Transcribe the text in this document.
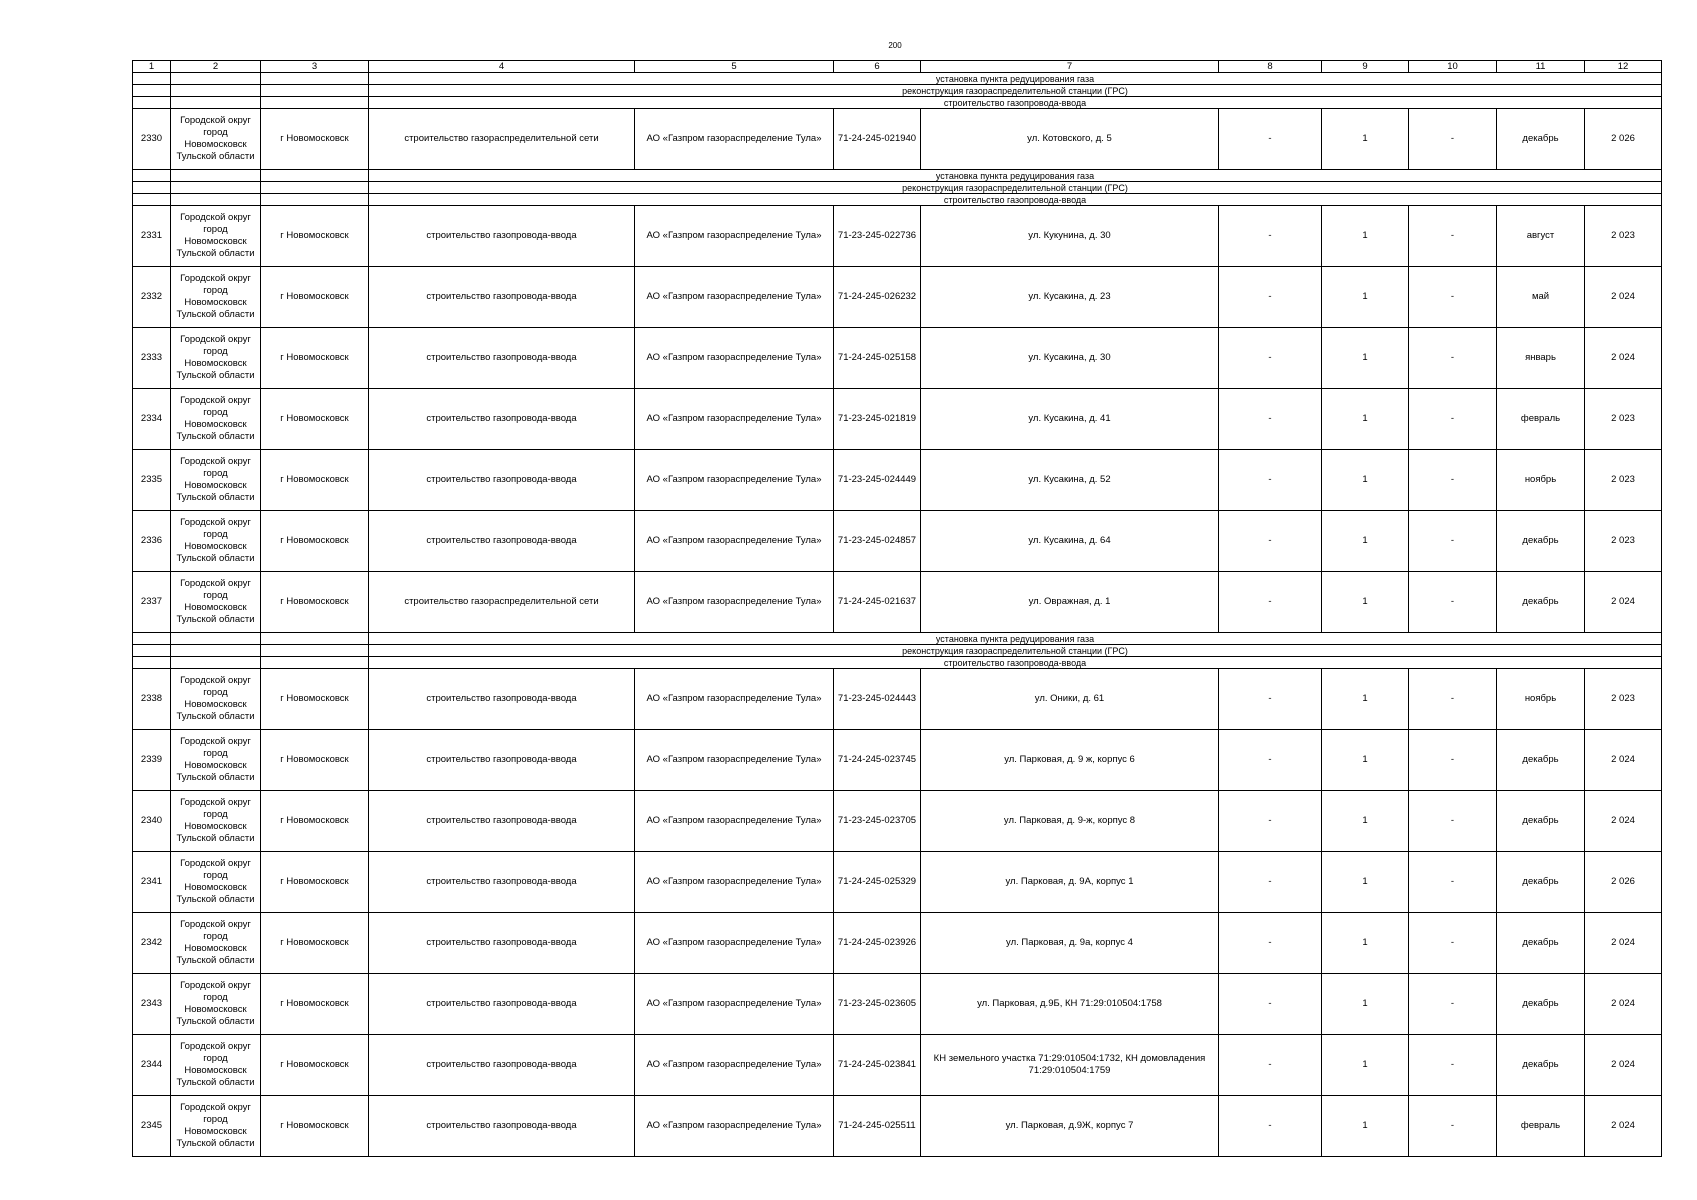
200
1	2	3	4	5	6	7	8	9	10	11	12
			установка пункта редуцирования газа								
			реконструкция газораспределительной станции (ГРС)								
			строительство газопровода-ввода								
2330	Городской округ город Новомосковск Тульской области	г Новомосковск	строительство газораспределительной сети	АО «Газпром газораспределение Тула»	71-24-245-021940	ул. Котовского, д. 5	-	1	-	декабрь	2 026
			установка пункта редуцирования газа								
			реконструкция газораспределительной станции (ГРС)								
			строительство газопровода-ввода								
2331	Городской округ город Новомосковск Тульской области	г Новомосковск	строительство газопровода-ввода	АО «Газпром газораспределение Тула»	71-23-245-022736	ул. Кукунина, д. 30	-	1	-	август	2 023
2332	Городской округ город Новомосковск Тульской области	г Новомосковск	строительство газопровода-ввода	АО «Газпром газораспределение Тула»	71-24-245-026232	ул. Кусакина, д. 23	-	1	-	май	2 024
2333	Городской округ город Новомосковск Тульской области	г Новомосковск	строительство газопровода-ввода	АО «Газпром газораспределение Тула»	71-24-245-025158	ул. Кусакина, д. 30	-	1	-	январь	2 024
2334	Городской округ город Новомосковск Тульской области	г Новомосковск	строительство газопровода-ввода	АО «Газпром газораспределение Тула»	71-23-245-021819	ул. Кусакина, д. 41	-	1	-	февраль	2 023
2335	Городской округ город Новомосковск Тульской области	г Новомосковск	строительство газопровода-ввода	АО «Газпром газораспределение Тула»	71-23-245-024449	ул. Кусакина, д. 52	-	1	-	ноябрь	2 023
2336	Городской округ город Новомосковск Тульской области	г Новомосковск	строительство газопровода-ввода	АО «Газпром газораспределение Тула»	71-23-245-024857	ул. Кусакина, д. 64	-	1	-	декабрь	2 023
2337	Городской округ город Новомосковск Тульской области	г Новомосковск	строительство газораспределительной сети	АО «Газпром газораспределение Тула»	71-24-245-021637	ул. Овражная, д. 1	-	1	-	декабрь	2 024
			установка пункта редуцирования газа								
			реконструкция газораспределительной станции (ГРС)								
			строительство газопровода-ввода								
2338	Городской округ город Новомосковск Тульской области	г Новомосковск	строительство газопровода-ввода	АО «Газпром газораспределение Тула»	71-23-245-024443	ул. Оники, д. 61	-	1	-	ноябрь	2 023
2339	Городской округ город Новомосковск Тульской области	г Новомосковск	строительство газопровода-ввода	АО «Газпром газораспределение Тула»	71-24-245-023745	ул. Парковая, д. 9 ж, корпус 6	-	1	-	декабрь	2 024
2340	Городской округ город Новомосковск Тульской области	г Новомосковск	строительство газопровода-ввода	АО «Газпром газораспределение Тула»	71-23-245-023705	ул. Парковая, д. 9-ж, корпус 8	-	1	-	декабрь	2 024
2341	Городской округ город Новомосковск Тульской области	г Новомосковск	строительство газопровода-ввода	АО «Газпром газораспределение Тула»	71-24-245-025329	ул. Парковая, д. 9А, корпус 1	-	1	-	декабрь	2 026
2342	Городской округ город Новомосковск Тульской области	г Новомосковск	строительство газопровода-ввода	АО «Газпром газораспределение Тула»	71-24-245-023926	ул. Парковая, д. 9а, корпус 4	-	1	-	декабрь	2 024
2343	Городской округ город Новомосковск Тульской области	г Новомосковск	строительство газопровода-ввода	АО «Газпром газораспределение Тула»	71-23-245-023605	ул. Парковая, д.9Б, КН 71:29:010504:1758	-	1	-	декабрь	2 024
2344	Городской округ город Новомосковск Тульской области	г Новомосковск	строительство газопровода-ввода	АО «Газпром газораспределение Тула»	71-24-245-023841	КН земельного участка 71:29:010504:1732, КН домовладения 71:29:010504:1759	-	1	-	декабрь	2 024
2345	Городской округ город Новомосковск Тульской области	г Новомосковск	строительство газопровода-ввода	АО «Газпром газораспределение Тула»	71-24-245-025511	ул. Парковая, д.9Ж, корпус 7	-	1	-	февраль	2 024
